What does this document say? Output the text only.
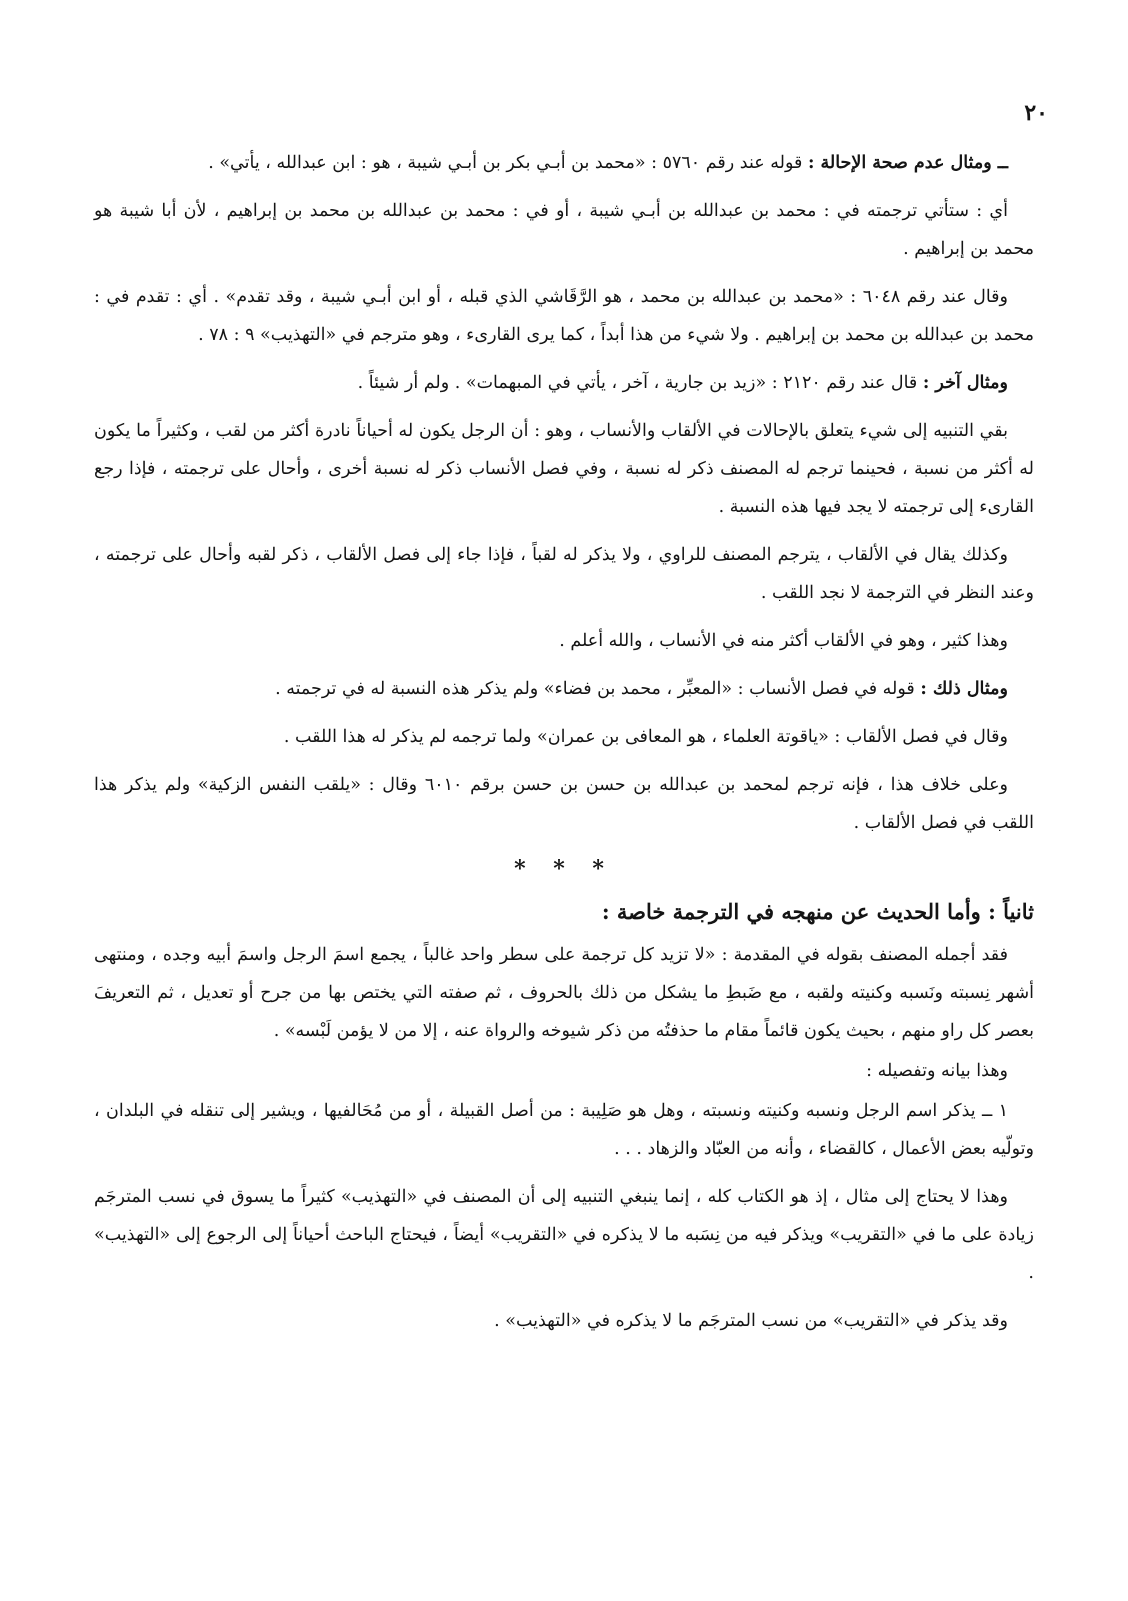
٢٠

ــ ومثال عدم صحة الإحالة : قوله عند رقم ٥٧٦٠ : «محمد بن أبـي بكر بن أبـي شيبة ، هو : ابن عبدالله ، يأتي» .

أي : ستأتي ترجمته في : محمد بن عبدالله بن أبـي شيبة ، أو في : محمد بن عبدالله بن محمد بن إبراهيم ، لأن أبا شيبة هو محمد بن إبراهيم .

وقال عند رقم ٦٠٤٨ : «محمد بن عبدالله بن محمد ، هو الرَّقَاشي الذي قبله ، أو ابن أبـي شيبة ، وقد تقدم» . أي : تقدم في : محمد بن عبدالله بن محمد بن إبراهيم . ولا شيء من هذا أبداً ، كما يرى القارىء ، وهو مترجم في «التهذيب» ٩ : ٧٨ .

ومثال آخر : قال عند رقم ٢١٢٠ : «زيد بن جارية ، آخر ، يأتي في المبهمات» . ولم أر شيئاً .

بقي التنبيه إلى شيء يتعلق بالإحالات في الألقاب والأنساب ، وهو : أن الرجل يكون له أحياناً نادرة أكثر من لقب ، وكثيراً ما يكون له أكثر من نسبة ، فحينما ترجم له المصنف ذكر له نسبة ، وفي فصل الأنساب ذكر له نسبة أخرى ، وأحال على ترجمته ، فإذا رجع القارىء إلى ترجمته لا يجد فيها هذه النسبة .

وكذلك يقال في الألقاب ، يترجم المصنف للراوي ، ولا يذكر له لقباً ، فإذا جاء إلى فصل الألقاب ، ذكر لقبه وأحال على ترجمته ، وعند النظر في الترجمة لا نجد اللقب .

وهذا كثير ، وهو في الألقاب أكثر منه في الأنساب ، والله أعلم .

ومثال ذلك : قوله في فصل الأنساب : «المعبِّر ، محمد بن فضاء» ولم يذكر هذه النسبة له في ترجمته .

وقال في فصل الألقاب : «ياقوتة العلماء ، هو المعافى بن عمران» ولما ترجمه لم يذكر له هذا اللقب .

وعلى خلاف هذا ، فإنه ترجم لمحمد بن عبدالله بن حسن بن حسن برقم ٦٠١٠ وقال : «يلقب النفس الزكية» ولم يذكر هذا اللقب في فصل الألقاب .

* * *
ثانياً : وأما الحديث عن منهجه في الترجمة خاصة :

فقد أجمله المصنف بقوله في المقدمة : «لا تزيد كل ترجمة على سطر واحد غالباً ، يجمع اسمَ الرجل واسمَ أبيه وجده ، ومنتهى أشهر نِسبته ونَسبه وكنيته ولقبه ، مع ضَبطِ ما يشكل من ذلك بالحروف ، ثم صفته التي يختص بها من جرح أو تعديل ، ثم التعريفَ بعصر كل راو منهم ، بحيث يكون قائماً مقام ما حذفتُه من ذكر شيوخه والرواة عنه ، إلا من لا يؤمن لَبْسه» .

وهذا بيانه وتفصيله :

١ ــ يذكر اسم الرجل ونسبه وكنيته ونسبته ، وهل هو صَلِيبة : من أصل القبيلة ، أو من مُحَالفيها ، ويشير إلى تنقله في البلدان ، وتولّيه بعض الأعمال ، كالقضاء ، وأنه من العبّاد والزهاد . . .

وهذا لا يحتاج إلى مثال ، إذ هو الكتاب كله ، إنما ينبغي التنبيه إلى أن المصنف في «التهذيب» كثيراً ما يسوق في نسب المترجَم زيادة على ما في «التقريب» ويذكر فيه من نِسَبه ما لا يذكره في «التقريب» أيضاً ، فيحتاج الباحث أحياناً إلى الرجوع إلى «التهذيب» .

وقد يذكر في «التقريب» من نسب المترجَم ما لا يذكره في «التهذيب» .
